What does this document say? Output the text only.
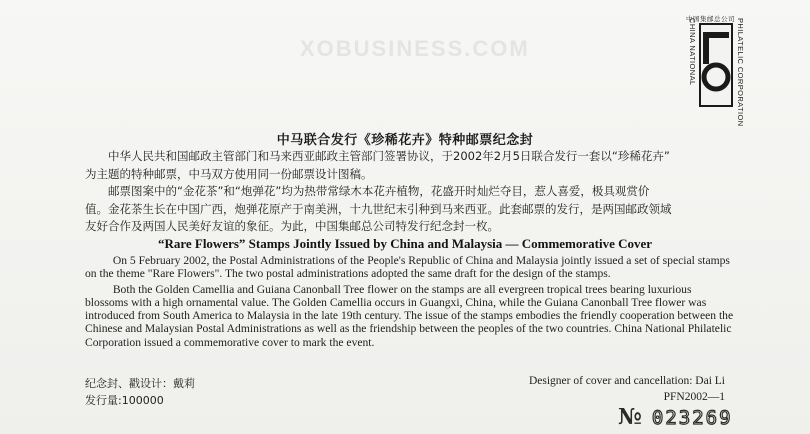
XOBUSINESS.COM
中国集邮总公司
CHINA NATIONAL	PHILATELIC CORPORATION
中马联合发行《珍稀花卉》特种邮票纪念封

中华人民共和国邮政主管部门和马来西亚邮政主管部门签署协议，于2002年2月5日联合发行一套以“珍稀花卉”

为主题的特种邮票，中马双方使用同一份邮票设计图稿。

邮票图案中的“金花茶”和“炮弹花”均为热带常绿木本花卉植物，花盛开时灿烂夺目，惹人喜爱，极具观赏价

值。金花茶生长在中国广西，炮弹花原产于南美洲，十九世纪末引种到马来西亚。此套邮票的发行，是两国邮政领域

友好合作及两国人民美好友谊的象征。为此，中国集邮总公司特发行纪念封一枚。

“Rare Flowers” Stamps Jointly Issued by China and Malaysia — Commemorative Cover

On 5 February 2002, the Postal Administrations of the People's Republic of China and Malaysia jointly issued a set of special stamps on the theme "Rare Flowers". The two postal administrations adopted the same draft for the design of the stamps.

Both the Golden Camellia and Guiana Canonball Tree flower on the stamps are all evergreen tropical trees bearing luxurious blossoms with a high ornamental value. The Golden Camellia occurs in Guangxi, China, while the Guiana Canonball Tree flower was introduced from South America to Malaysia in the late 19th century. The issue of the stamps embodies the friendly cooperation between the Chinese and Malaysian Postal Administrations as well as the friendship between the peoples of the two countries. China National Philatelic Corporation issued a commemorative cover to mark the event.

纪念封、戳设计：戴莉
发行量:100000
Designer of cover and cancellation: Dai Li
PFN2002—1
№ 023269
